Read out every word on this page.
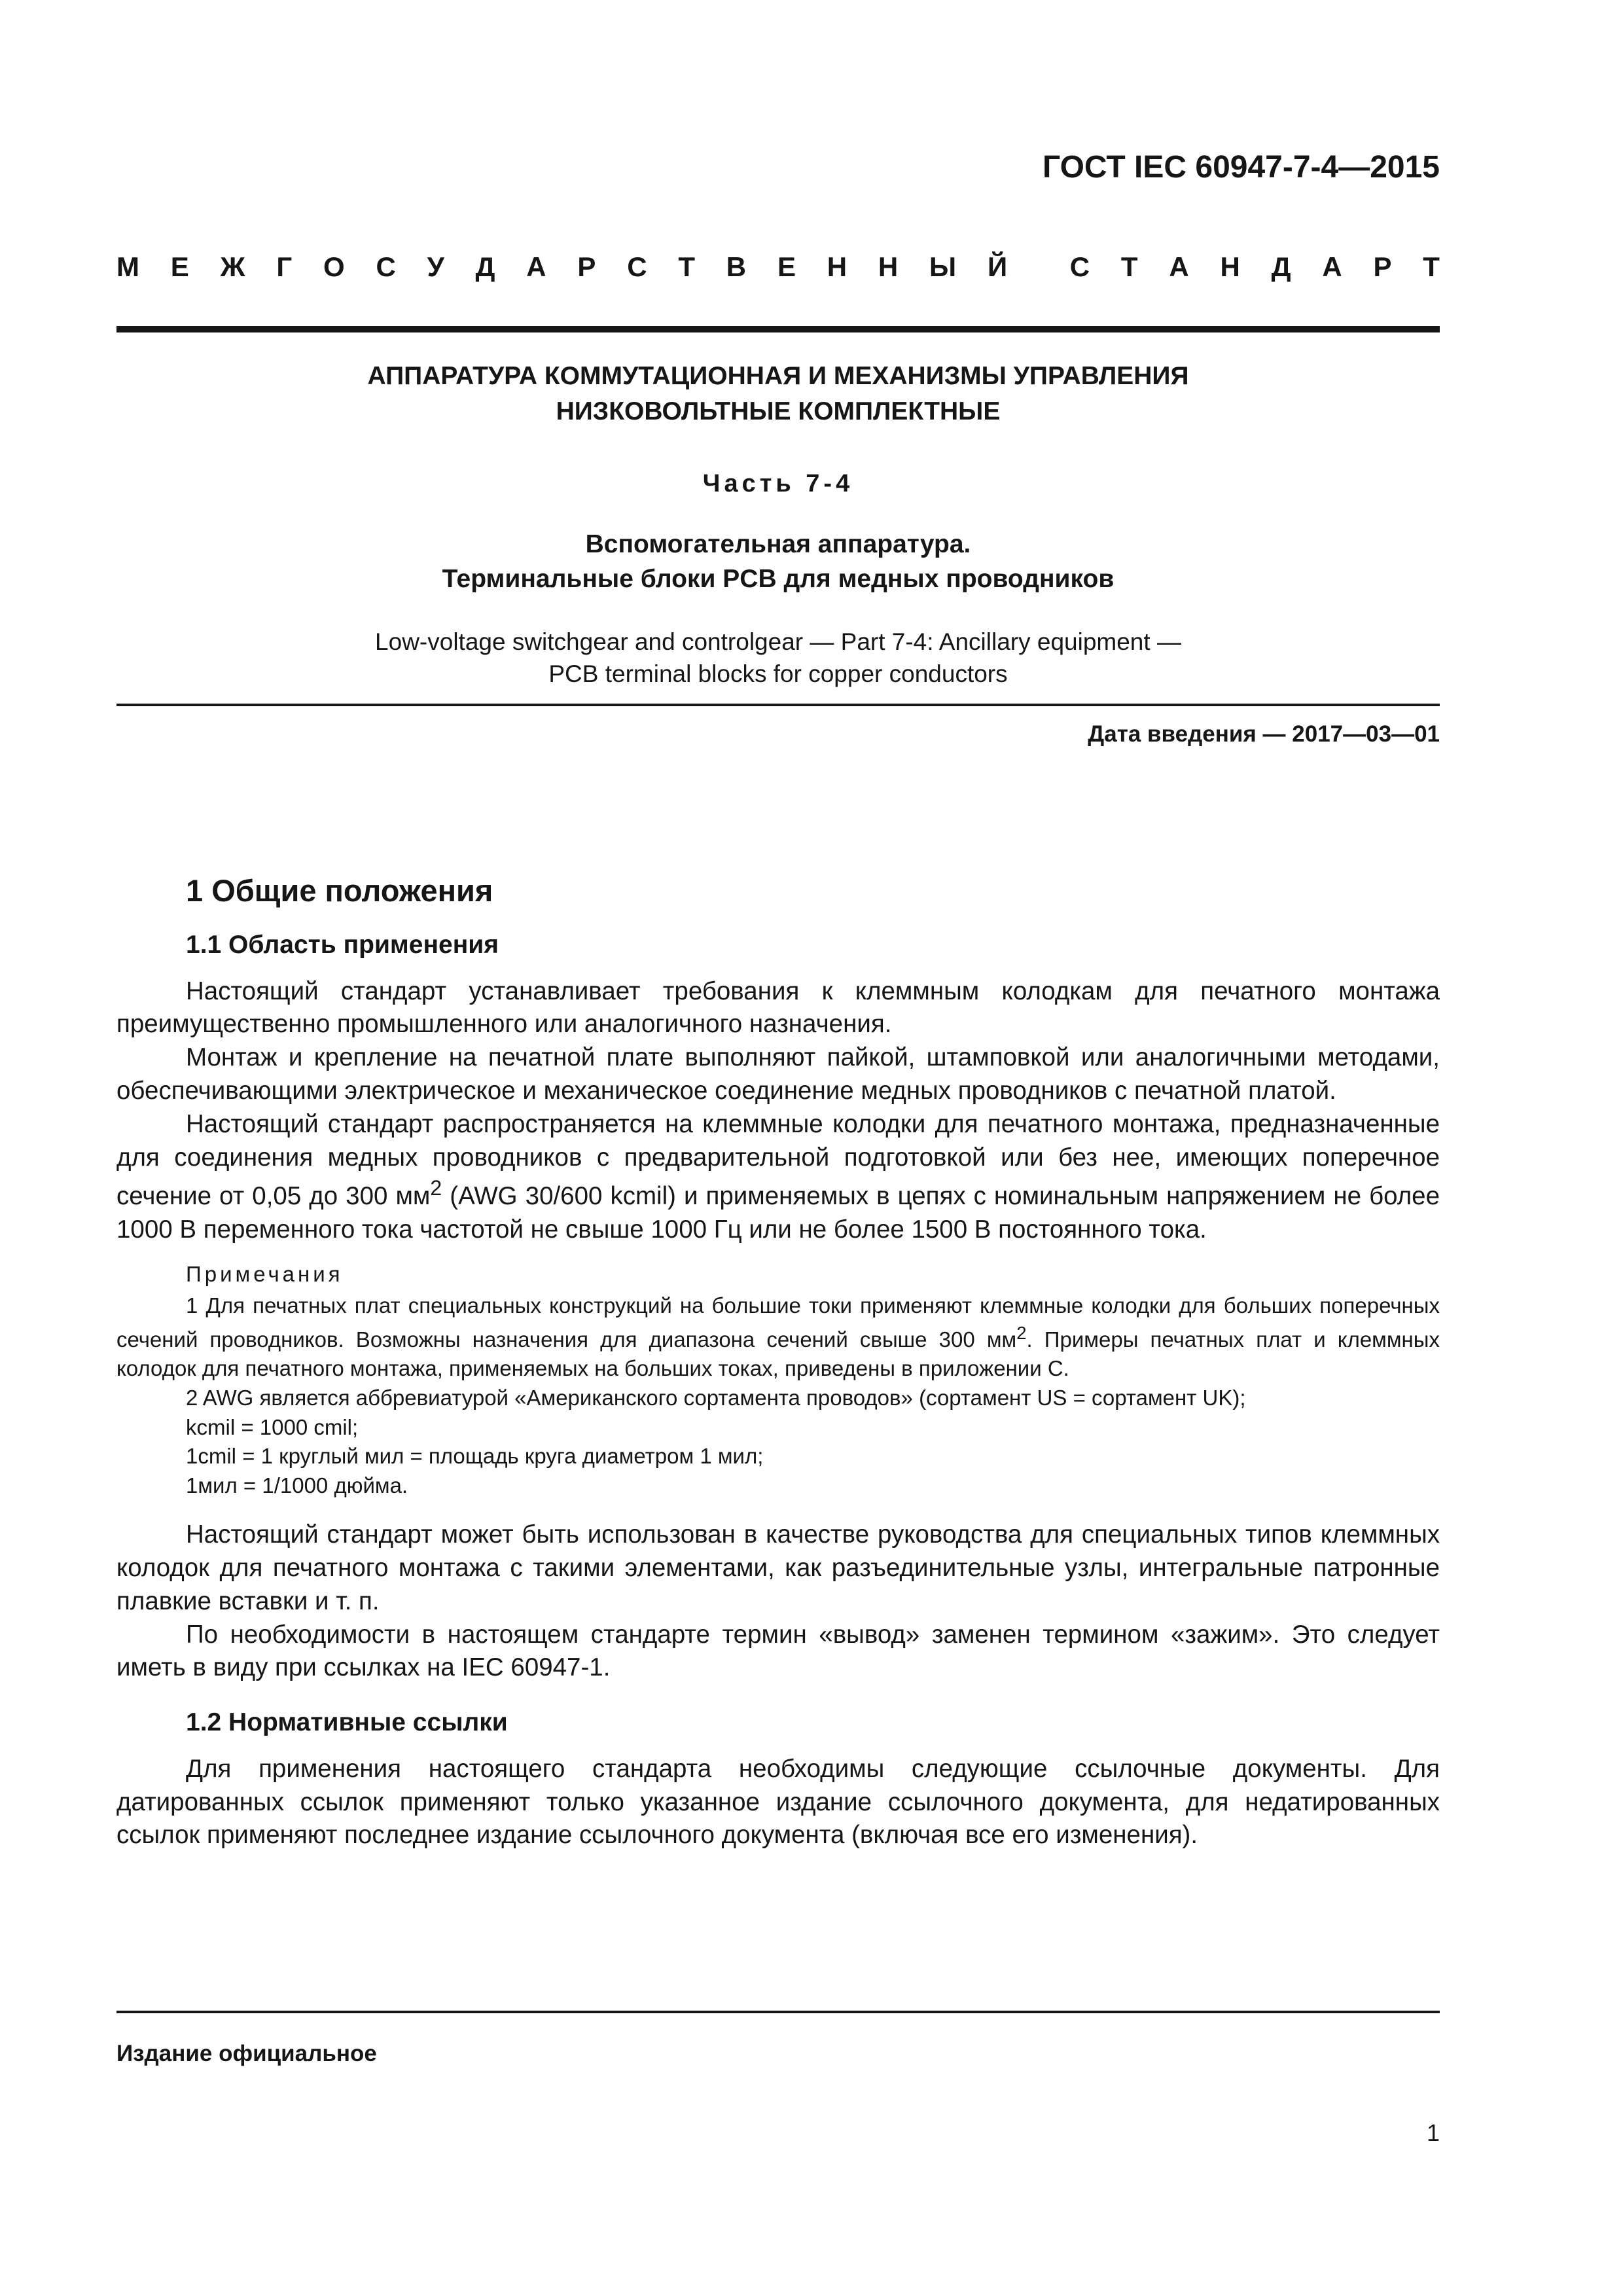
ГОСТ IEC 60947-7-4—2015
М Е Ж Г О С У Д А Р С Т В Е Н Н Ы Й С Т А Н Д А Р Т
АППАРАТУРА КОММУТАЦИОННАЯ И МЕХАНИЗМЫ УПРАВЛЕНИЯ
НИЗКОВОЛЬТНЫЕ КОМПЛЕКТНЫЕ
Часть 7-4
Вспомогательная аппаратура.
Терминальные блоки PCB для медных проводников
Low-voltage switchgear and controlgear — Part 7-4: Ancillary equipment —
PCB terminal blocks for copper conductors
Дата введения — 2017—03—01
1 Общие положения
1.1 Область применения

Настоящий стандарт устанавливает требования к клеммным колодкам для печатного монтажа преимущественно промышленного или аналогичного назначения.

Монтаж и крепление на печатной плате выполняют пайкой, штамповкой или аналогичными методами, обеспечивающими электрическое и механическое соединение медных проводников с печатной платой.

Настоящий стандарт распространяется на клеммные колодки для печатного монтажа, предназначенные для соединения медных проводников с предварительной подготовкой или без нее, имеющих поперечное сечение от 0,05 до 300 $мм^2$ (AWG 30/600 kcmil) и применяемых в цепях с номинальным напряжением не более 1000 В переменного тока частотой не свыше 1000 Гц или не более 1500 В постоянного тока.

Примечания

1 Для печатных плат специальных конструкций на большие токи применяют клеммные колодки для больших поперечных сечений проводников. Возможны назначения для диапазона сечений свыше 300 $мм^2$. Примеры печатных плат и клеммных колодок для печатного монтажа, применяемых на больших токах, приведены в приложении С.

2 AWG является аббревиатурой «Американского сортамента проводов» (сортамент US = сортамент UK);

kcmil = 1000 cmil;
1cmil = 1 круглый мил = площадь круга диаметром 1 мил;
1мил = 1/1000 дюйма.

Настоящий стандарт может быть использован в качестве руководства для специальных типов клеммных колодок для печатного монтажа с такими элементами, как разъединительные узлы, интегральные патронные плавкие вставки и т. п.

По необходимости в настоящем стандарте термин «вывод» заменен термином «зажим». Это следует иметь в виду при ссылках на IEC 60947-1.

1.2 Нормативные ссылки

Для применения настоящего стандарта необходимы следующие ссылочные документы. Для датированных ссылок применяют только указанное издание ссылочного документа, для недатированных ссылок применяют последнее издание ссылочного документа (включая все его изменения).

Издание официальное
1
